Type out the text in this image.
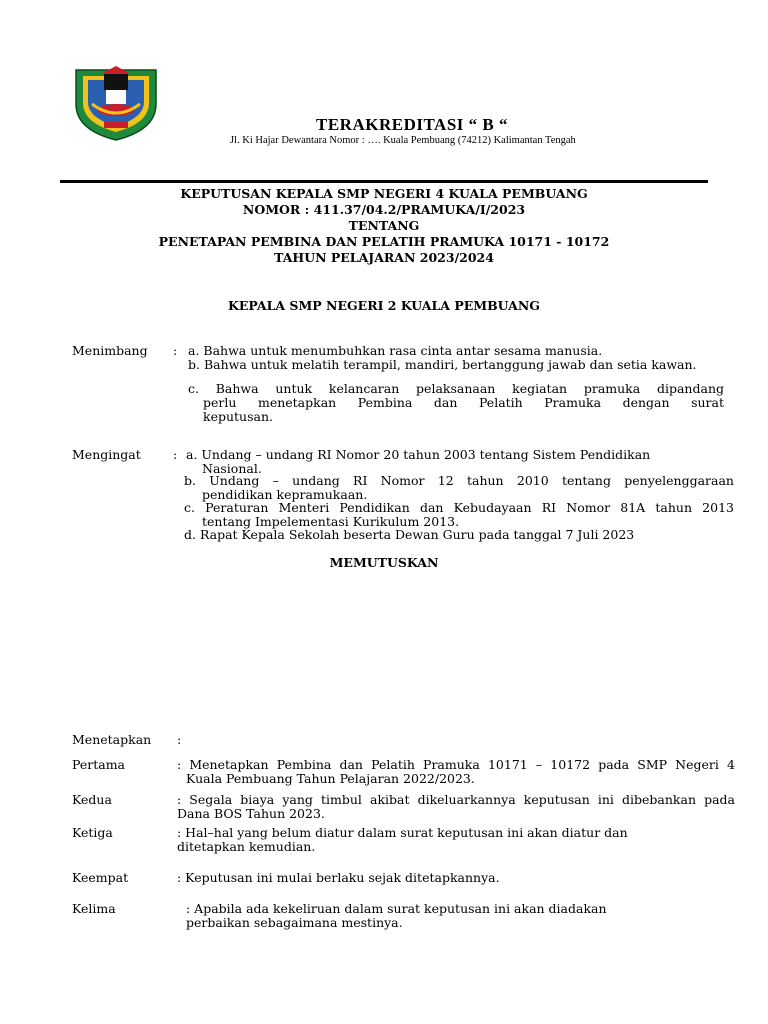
TERAKREDITASI “ B “
Jl. Ki Hajar Dewantara Nomor : …. Kuala Pembuang (74212) Kalimantan Tengah
KEPUTUSAN KEPALA SMP NEGERI 4 KUALA PEMBUANG
NOMOR : 411.37/04.2/PRAMUKA/I/2023
TENTANG
PENETAPAN PEMBINA DAN PELATIH PRAMUKA 10171 - 10172
TAHUN PELAJARAN 2023/2024
KEPALA SMP NEGERI 2 KUALA PEMBUANG
Menimbang : a. Bahwa untuk menumbuhkan rasa cinta antar sesama manusia.
b. Bahwa untuk melatih terampil, mandiri, bertanggung jawab dan setia kawan.
c. Bahwa untuk kelancaran pelaksanaan kegiatan pramuka dipandang
perlu menetapkan Pembina dan Pelatih Pramuka dengan surat
keputusan.
Mengingat	: a. Undang – undang RI Nomor 20 tahun 2003 tentang Sistem Pendidikan
Nasional.
b. Undang – undang RI Nomor 12 tahun 2010 tentang penyelenggaraan
pendidikan kepramukaan.
c. Peraturan Menteri Pendidikan dan Kebudayaan RI Nomor 81A tahun 2013
tentang Impelementasi Kurikulum 2013.
d. Rapat Kepala Sekolah beserta Dewan Guru pada tanggal 7 Juli 2023
MEMUTUSKAN
Menetapkan :
Pertama	: Menetapkan Pembina dan Pelatih Pramuka 10171 – 10172 pada SMP Negeri 4
Kuala Pembuang Tahun Pelajaran 2022/2023.
Kedua	: Segala biaya yang timbul akibat dikeluarkannya keputusan ini dibebankan pada
Dana BOS Tahun 2023.
Ketiga	: Hal–hal yang belum diatur dalam surat keputusan ini akan diatur dan
ditetapkan kemudian.
Keempat	: Keputusan ini mulai berlaku sejak ditetapkannya.
Kelima	: Apabila ada kekeliruan dalam surat keputusan ini akan diadakan
perbaikan sebagaimana mestinya.
